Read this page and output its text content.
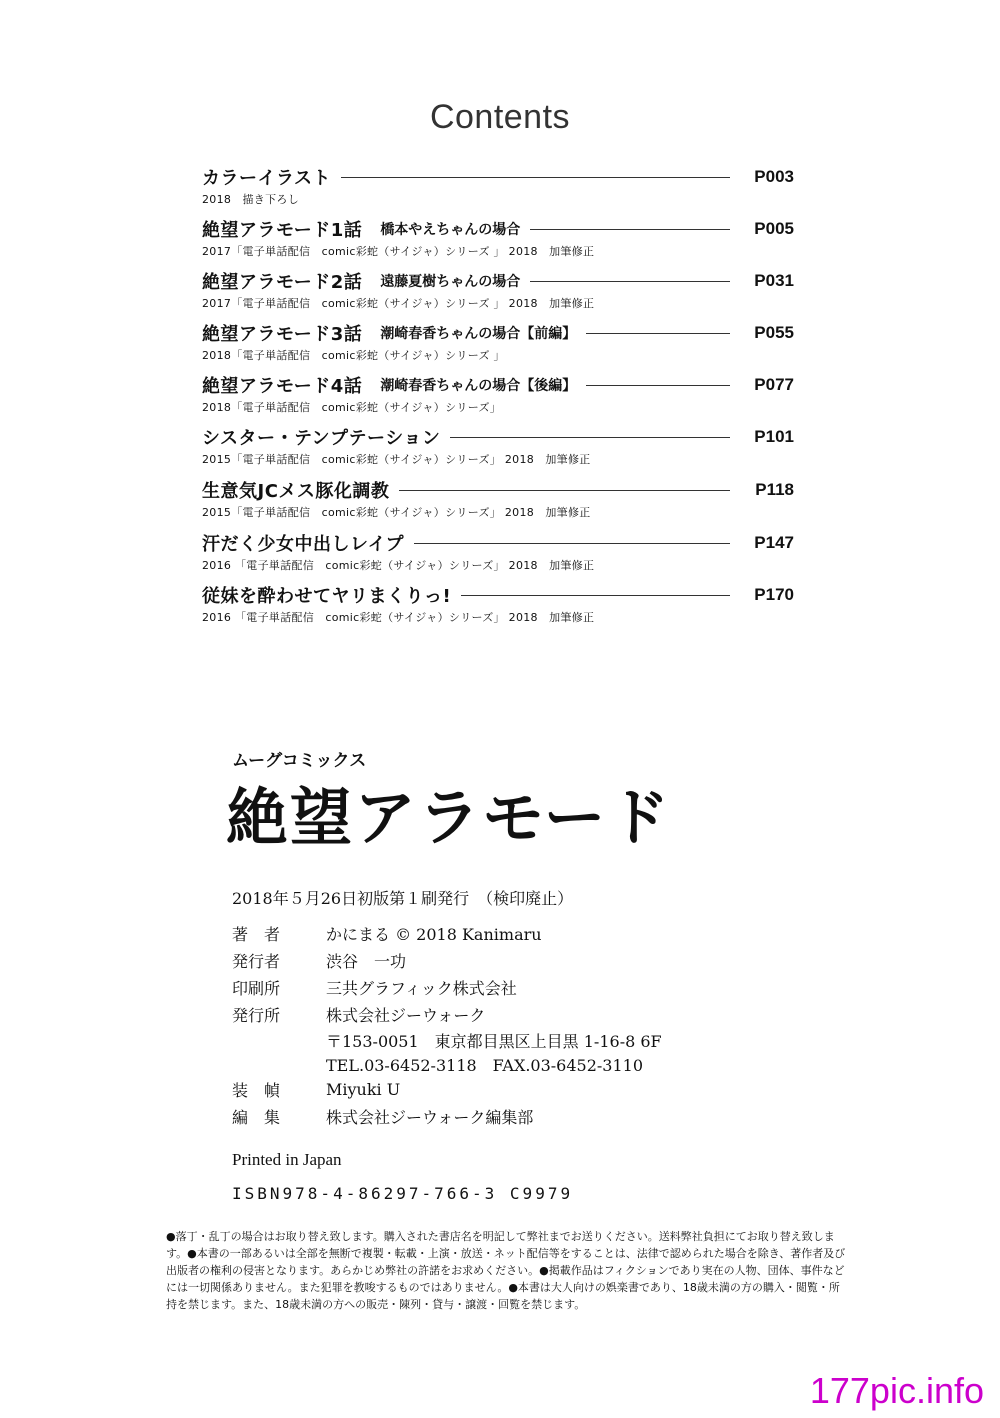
Contents
カラーイラスト	P003
2018　描き下ろし
絶望アラモード1話 橋本やえちゃんの場合	P005
2017「電子単話配信　comic彩蛇（サイジャ）シリーズ 」 2018　加筆修正
絶望アラモード2話 遠藤夏樹ちゃんの場合	P031
2017「電子単話配信　comic彩蛇（サイジャ）シリーズ 」 2018　加筆修正
絶望アラモード3話 潮崎春香ちゃんの場合【前編】	P055
2018「電子単話配信　comic彩蛇（サイジャ）シリーズ 」
絶望アラモード4話 潮崎春香ちゃんの場合【後編】	P077
2018「電子単話配信　comic彩蛇（サイジャ）シリーズ」
シスター・テンプテーション	P101
2015「電子単話配信　comic彩蛇（サイジャ）シリーズ」 2018　加筆修正
生意気JCメス豚化調教	P118
2015「電子単話配信　comic彩蛇（サイジャ）シリーズ」 2018　加筆修正
汗だく少女中出しレイプ	P147
2016 「電子単話配信　comic彩蛇（サイジャ）シリーズ」 2018　加筆修正
従妹を酔わせてヤリまくりっ!	P170
2016 「電子単話配信　comic彩蛇（サイジャ）シリーズ」 2018　加筆修正
ムーグコミックス
絶望アラモード
2018年５月26日初版第１刷発行　（検印廃止）
著　者	かにまる © 2018 Kanimaru
発行者	渋谷　一功
印刷所	三共グラフィック株式会社
発行所	株式会社ジーウォーク
〒153-0051　東京都目黒区上目黒 1-16-8 6F
TEL.03-6452-3118　FAX.03-6452-3110
装　幀	Miyuki U
編　集	株式会社ジーウォーク編集部
Printed in Japan
ISBN978-4-86297-766-3 C9979
●落丁・乱丁の場合はお取り替え致します。購入された書店名を明記して弊社までお送りください。送料弊社負担にてお取り替え致しま
す。●本書の一部あるいは全部を無断で複製・転載・上演・放送・ネット配信等をすることは、法律で認められた場合を除き、著作者及び
出版者の権利の侵害となります。あらかじめ弊社の許諾をお求めください。●掲載作品はフィクションであり実在の人物、団体、事件など
には一切関係ありません。また犯罪を教唆するものではありません。●本書は大人向けの娯楽書であり、18歳未満の方の購入・閲覧・所
持を禁じます。また、18歳未満の方への販売・陳列・貸与・譲渡・回覧を禁じます。
177pic.info
